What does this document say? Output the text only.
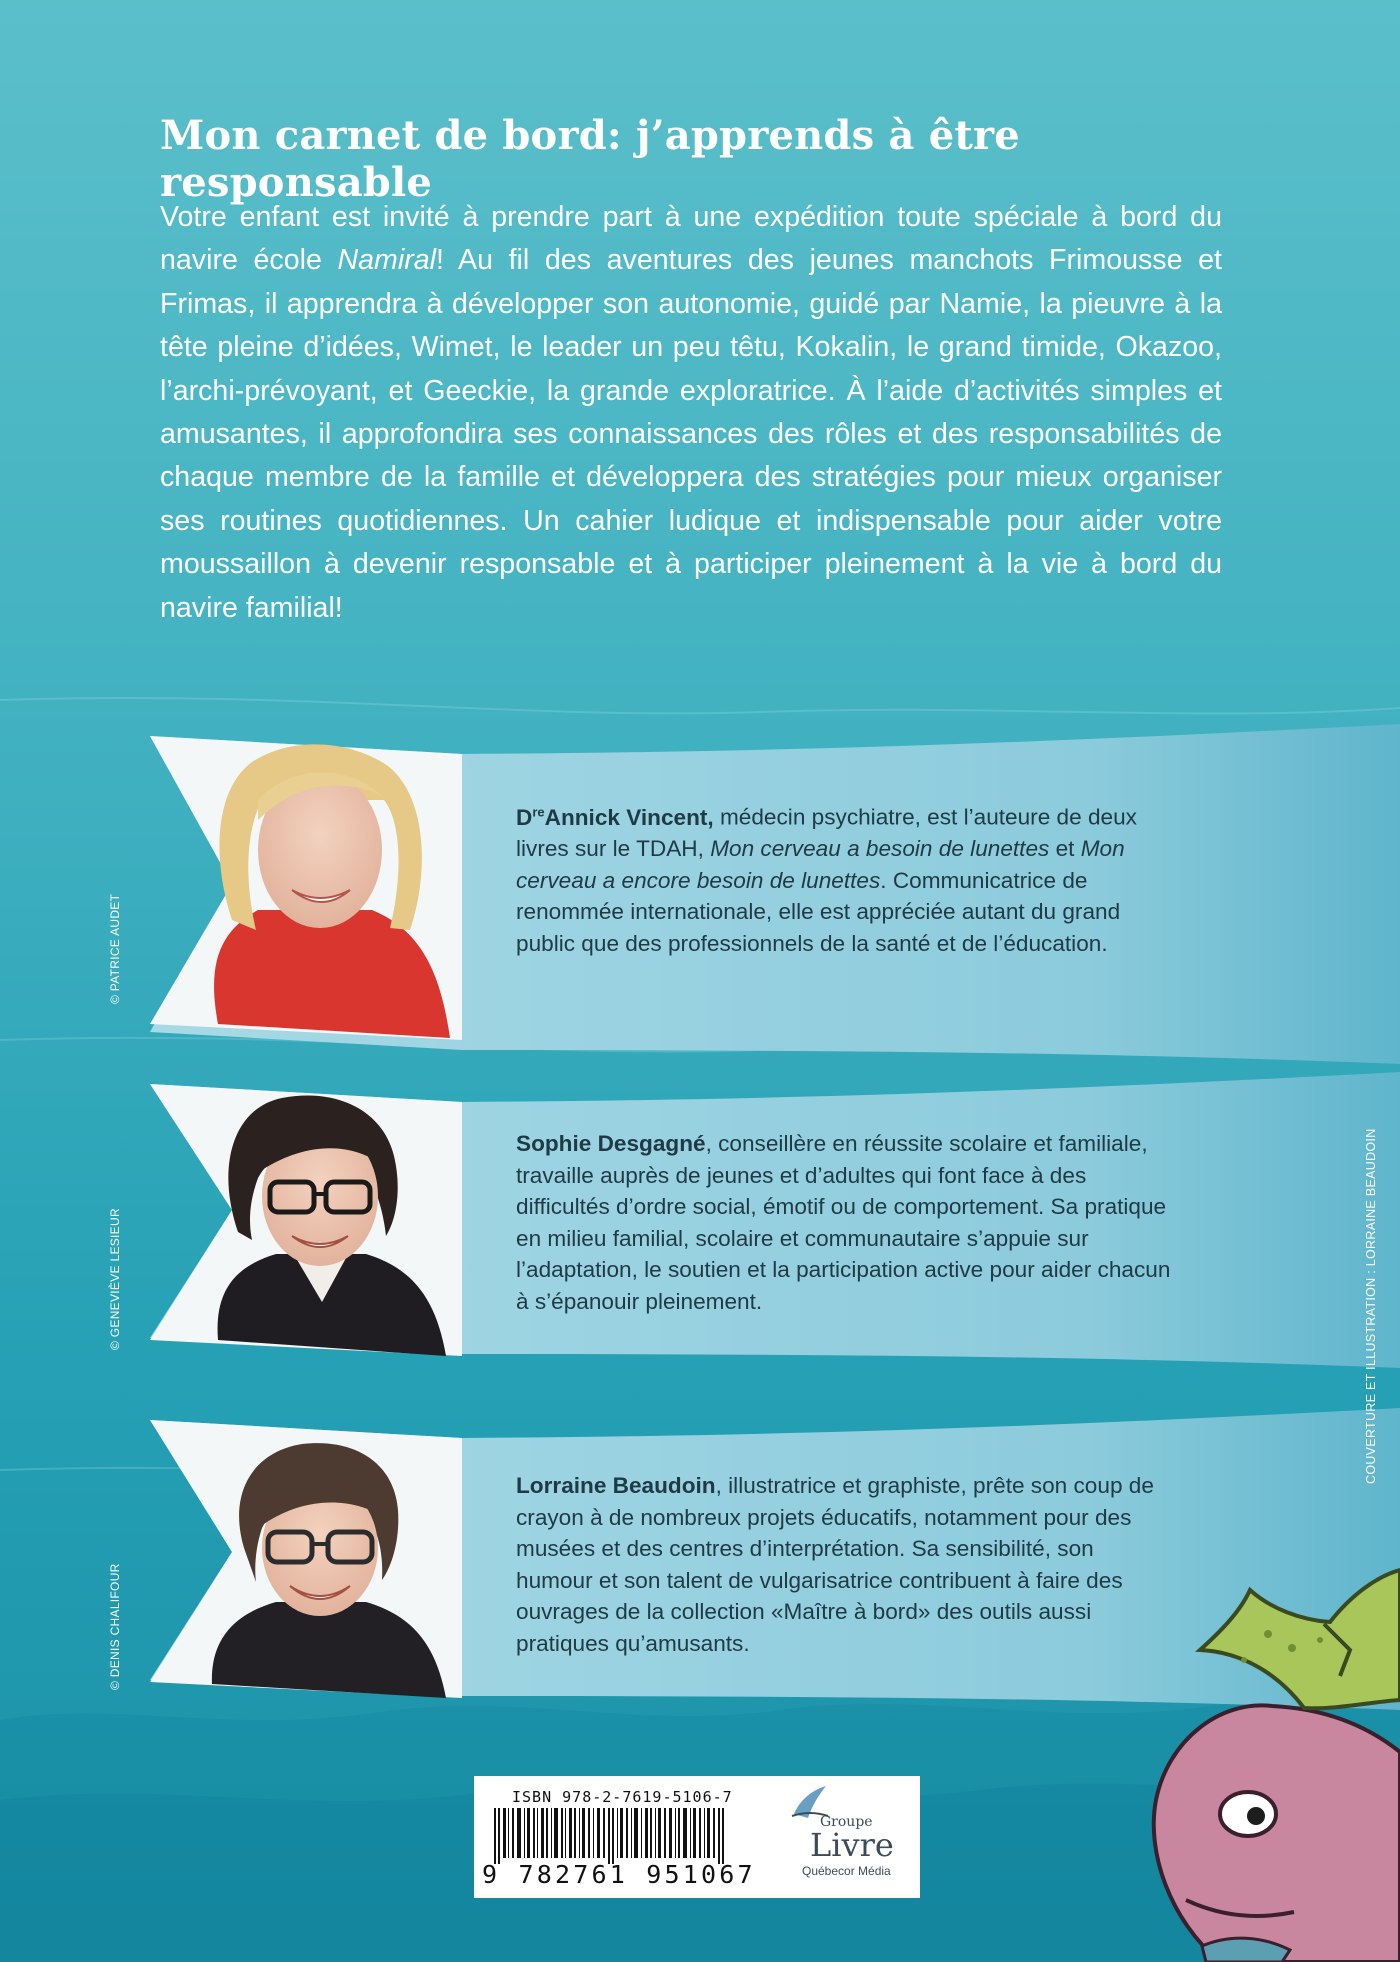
Mon carnet de bord: j’apprends à être responsable

Votre enfant est invité à prendre part à une expédition toute spéciale à bord du navire école Namiral! Au fil des aventures des jeunes manchots Frimousse et Frimas, il apprendra à développer son autonomie, guidé par Namie, la pieuvre à la tête pleine d’idées, Wimet, le leader un peu têtu, Kokalin, le grand timide, Okazoo, l’archi-prévoyant, et Geeckie, la grande exploratrice. À l’aide d’activités simples et amusantes, il approfondira ses connaissances des rôles et des responsabilités de chaque membre de la famille et développera des stratégies pour mieux organiser ses routines quotidiennes. Un cahier ludique et indispensable pour aider votre moussaillon à devenir responsable et à participer pleinement à la vie à bord du navire familial!

© PATRICE AUDET
© GENEVIÈVE LESIEUR
© DENIS CHALIFOUR
COUVERTURE ET ILLUSTRATION : LORRAINE BEAUDOIN

DreAnnick Vincent, médecin psychiatre, est l’auteure de deux livres sur le TDAH, Mon cerveau a besoin de lunettes et Mon cerveau a encore besoin de lunettes. Communicatrice de renommée internationale, elle est appréciée autant du grand public que des professionnels de la santé et de l’éducation.

Sophie Desgagné, conseillère en réussite scolaire et familiale, travaille auprès de jeunes et d’adultes qui font face à des difficultés d’ordre social, émotif ou de comportement. Sa pratique en milieu familial, scolaire et communautaire s’appuie sur l’adaptation, le soutien et la participation active pour aider chacun à s’épanouir pleinement.

Lorraine Beaudoin, illustratrice et graphiste, prête son coup de crayon à de nombreux projets éducatifs, notamment pour des musées et des centres d’interprétation. Sa sensibilité, son humour et son talent de vulgarisatrice contribuent à faire des ouvrages de la collection «Maître à bord» des outils aussi pratiques qu’amusants.

ISBN 978-2-7619-5106-7
9 782761 951067
Groupe
Livre
Québecor Média
